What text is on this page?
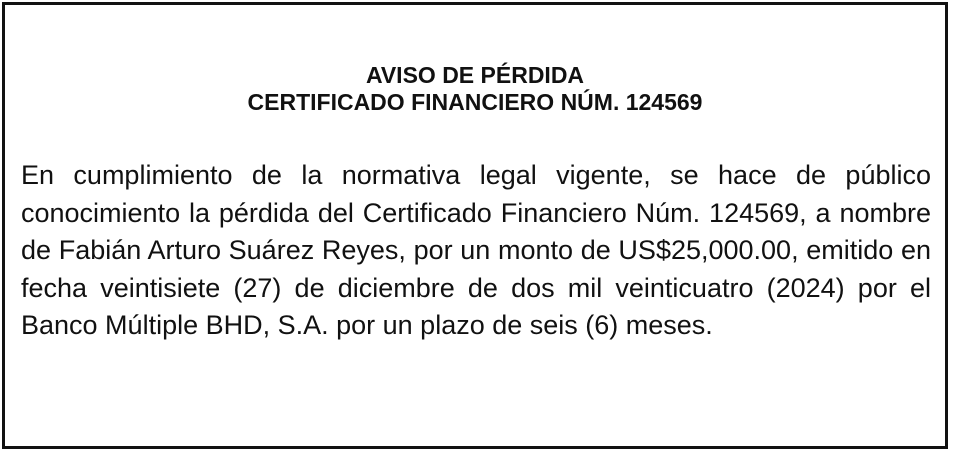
AVISO DE PÉRDIDA
CERTIFICADO FINANCIERO NÚM. 124569
En cumplimiento de la normativa legal vigente, se hace de público conocimiento la pérdida del Certificado Financiero Núm. 124569, a nombre de Fabián Arturo Suárez Reyes, por un monto de US$25,000.00, emitido en fecha veintisiete (27) de diciembre de dos mil veinticuatro (2024) por el Banco Múltiple BHD, S.A. por un plazo de seis (6) meses.
